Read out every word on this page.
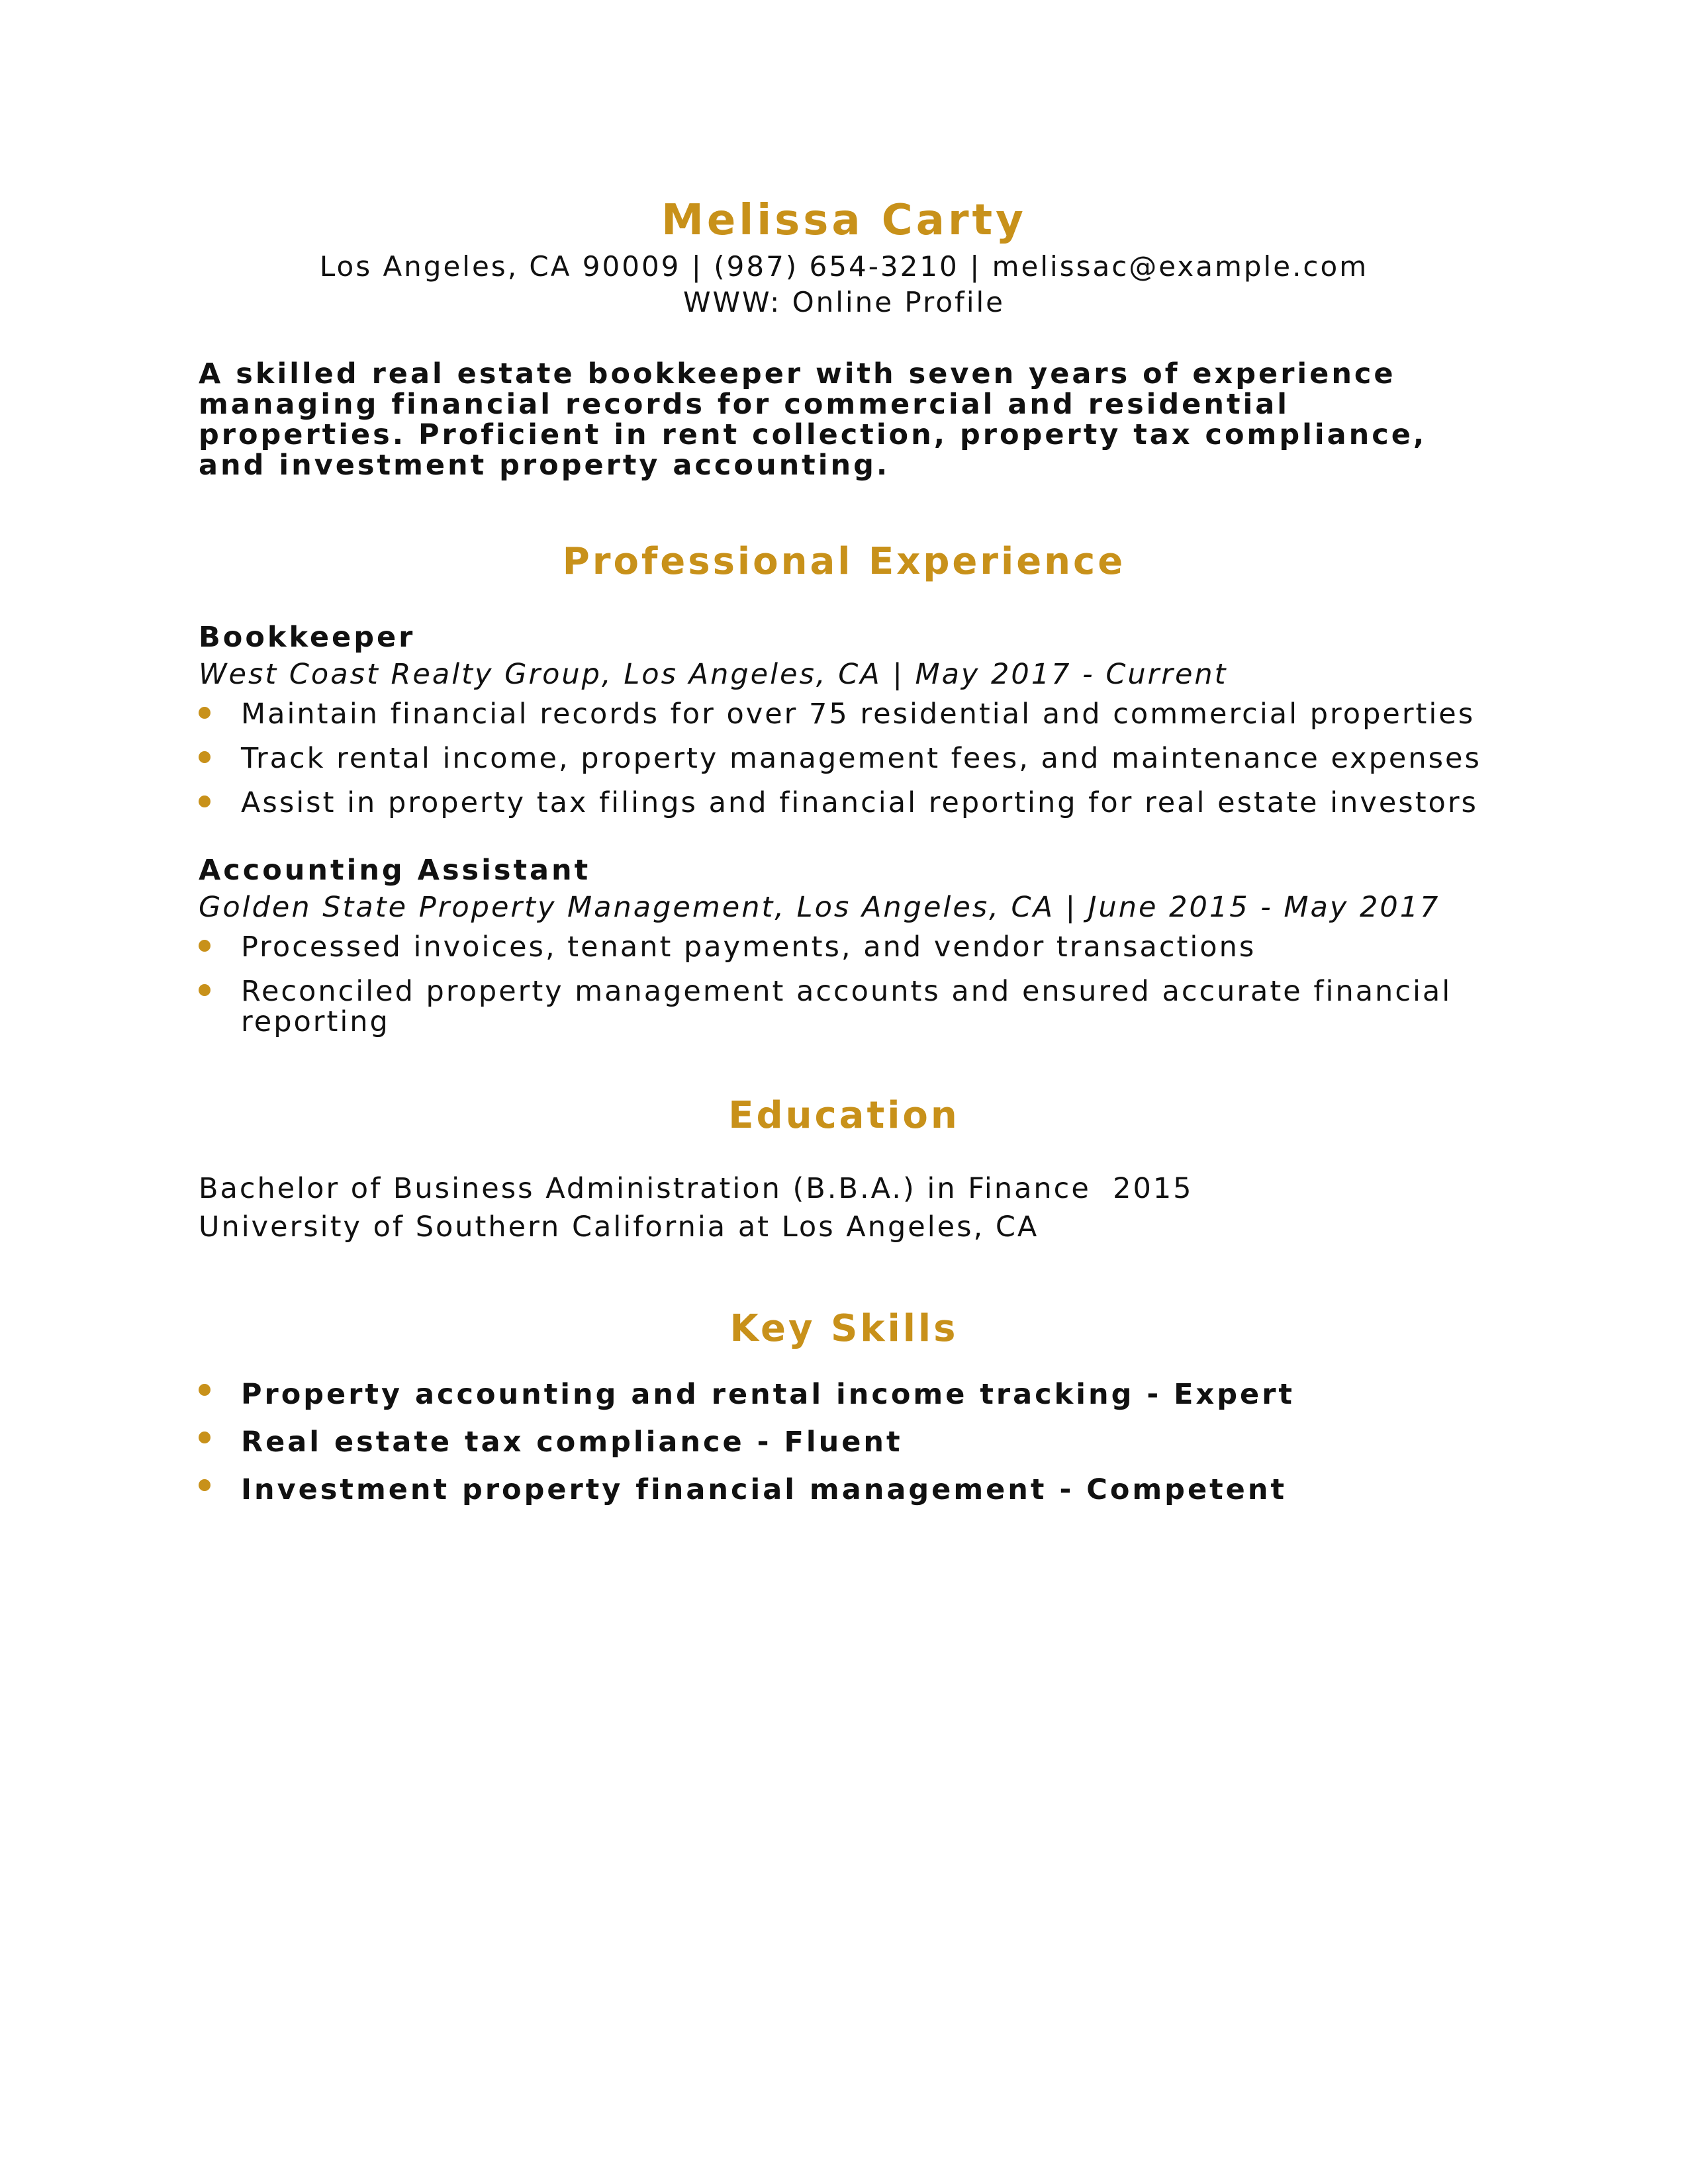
Melissa Carty

Los Angeles, CA 90009 | (987) 654-3210 | melissac@example.com

WWW: Online Profile

A skilled real estate bookkeeper with seven years of experience managing financial records for commercial and residential properties. Proficient in rent collection, property tax compliance, and investment property accounting.
Professional Experience
Bookkeeper
West Coast Realty Group, Los Angeles, CA | May 2017 - Current
Maintain financial records for over 75 residential and commercial properties
Track rental income, property management fees, and maintenance expenses
Assist in property tax filings and financial reporting for real estate investors
Accounting Assistant
Golden State Property Management, Los Angeles, CA | June 2015 - May 2017
Processed invoices, tenant payments, and vendor transactions
Reconciled property management accounts and ensured accurate financial reporting
Education
Bachelor of Business Administration (B.B.A.) in Finance  2015
University of Southern California at Los Angeles, CA
Key Skills
Property accounting and rental income tracking - Expert
Real estate tax compliance - Fluent
Investment property financial management - Competent
